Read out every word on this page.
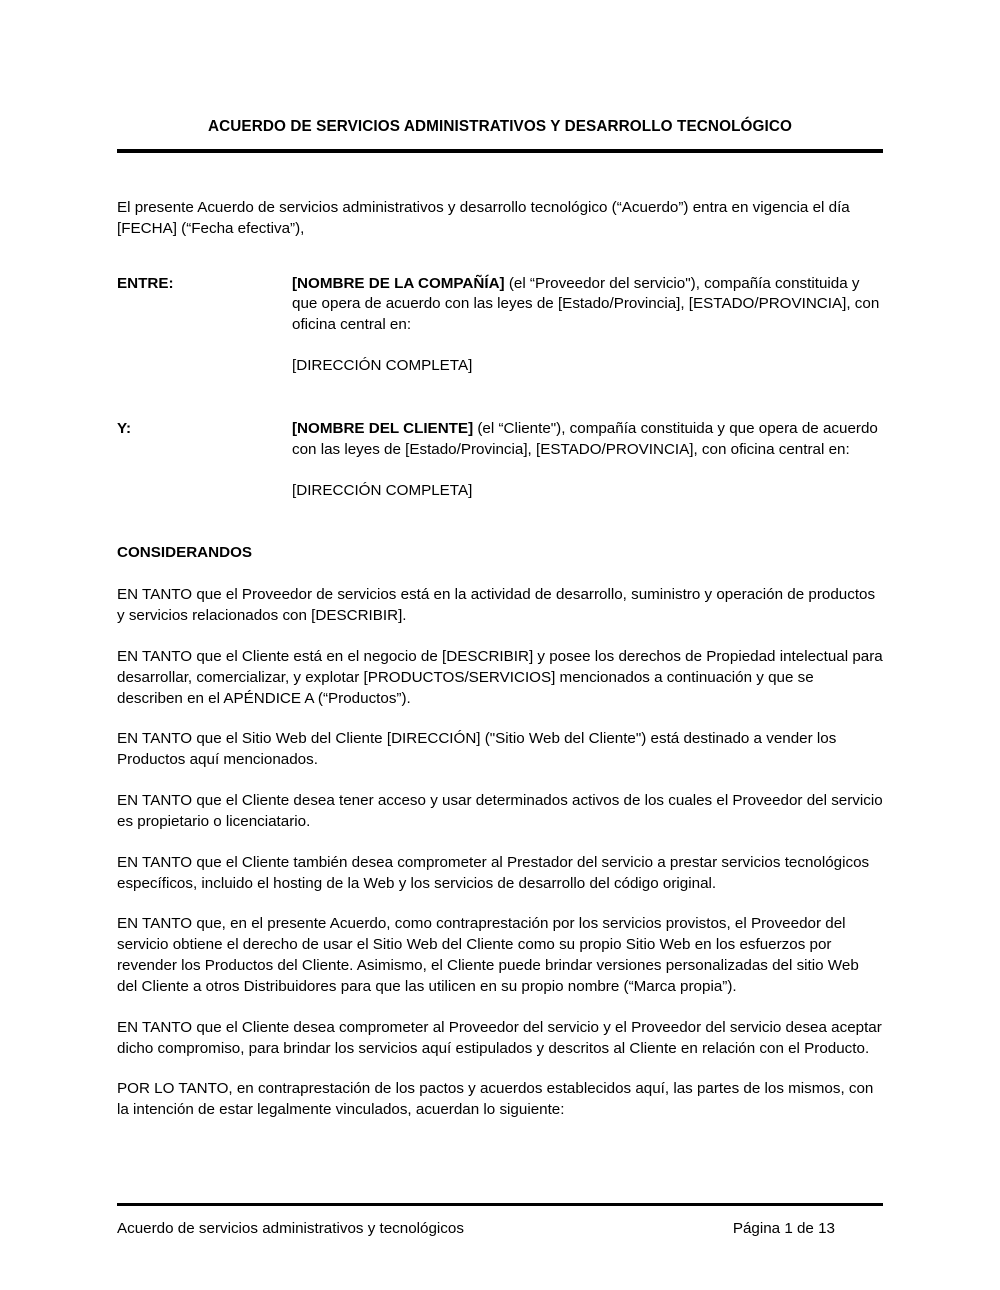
ACUERDO DE SERVICIOS ADMINISTRATIVOS Y DESARROLLO TECNOLÓGICO

El presente Acuerdo de servicios administrativos y desarrollo tecnológico (“Acuerdo”) entra en vigencia el día [FECHA] (“Fecha efectiva”),

ENTRE:	[NOMBRE DE LA COMPAÑÍA] (el “Proveedor del servicio"), compañía constituida y que opera de acuerdo con las leyes de [Estado/Provincia], [ESTADO/PROVINCIA], con oficina central en:
[DIRECCIÓN COMPLETA]
Y:	[NOMBRE DEL CLIENTE] (el “Cliente"), compañía constituida y que opera de acuerdo con las leyes de [Estado/Provincia], [ESTADO/PROVINCIA], con oficina central en:
[DIRECCIÓN COMPLETA]
CONSIDERANDOS

EN TANTO que el Proveedor de servicios está en la actividad de desarrollo, suministro y operación de productos y servicios relacionados con [DESCRIBIR].

EN TANTO que el Cliente está en el negocio de [DESCRIBIR] y posee los derechos de Propiedad intelectual para desarrollar, comercializar, y explotar [PRODUCTOS/SERVICIOS] mencionados a continuación y que se describen en el APÉNDICE A (“Productos”).

EN TANTO que el Sitio Web del Cliente [DIRECCIÓN] ("Sitio Web del Cliente") está destinado a vender los Productos aquí mencionados.

EN TANTO que el Cliente desea tener acceso y usar determinados activos de los cuales el Proveedor del servicio es propietario o licenciatario.

EN TANTO que el Cliente también desea comprometer al Prestador del servicio a prestar servicios tecnológicos específicos, incluido el hosting de la Web y los servicios de desarrollo del código original.

EN TANTO que, en el presente Acuerdo, como contraprestación por los servicios provistos, el Proveedor del servicio obtiene el derecho de usar el Sitio Web del Cliente como su propio Sitio Web en los esfuerzos por revender los Productos del Cliente. Asimismo, el Cliente puede brindar versiones personalizadas del sitio Web del Cliente a otros Distribuidores para que las utilicen en su propio nombre (“Marca propia”).

EN TANTO que el Cliente desea comprometer al Proveedor del servicio y el Proveedor del servicio desea aceptar dicho compromiso, para brindar los servicios aquí estipulados y descritos al Cliente en relación con el Producto.

POR LO TANTO, en contraprestación de los pactos y acuerdos establecidos aquí, las partes de los mismos, con la intención de estar legalmente vinculados, acuerdan lo siguiente:

Acuerdo de servicios administrativos y tecnológicos	Página 1 de 13
